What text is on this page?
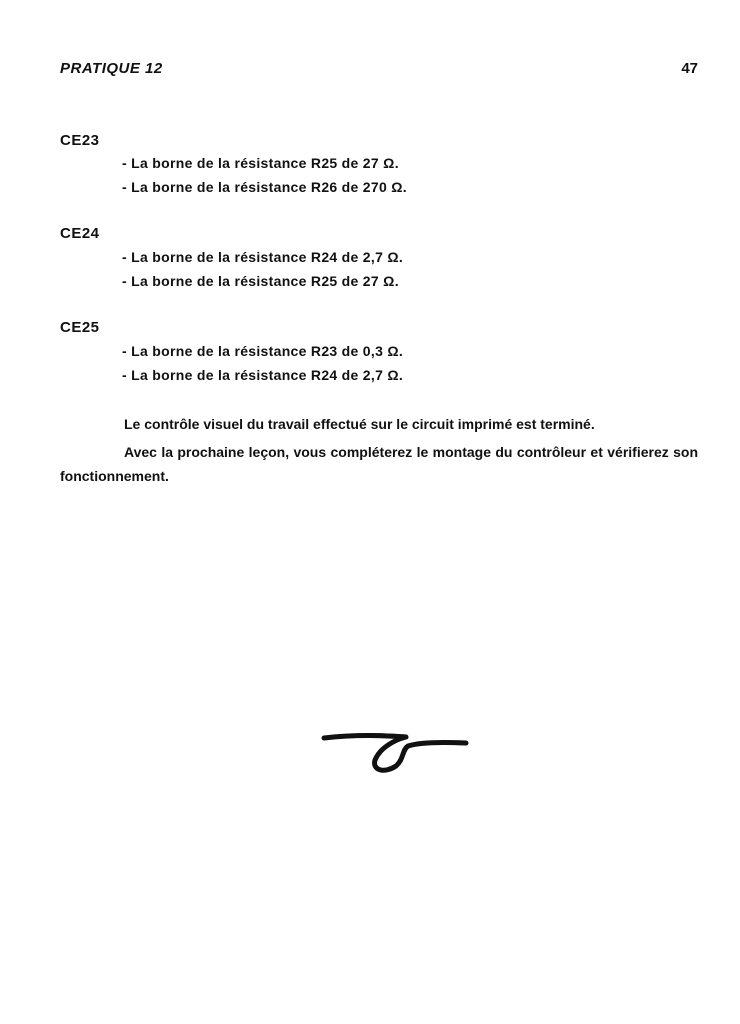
PRATIQUE 12	47
CE23
- La borne de la résistance R25 de 27 Ω.
- La borne de la résistance R26 de 270 Ω.
CE24
- La borne de la résistance R24 de 2,7 Ω.
- La borne de la résistance R25 de 27 Ω.
CE25
- La borne de la résistance R23 de 0,3 Ω.
- La borne de la résistance R24 de 2,7 Ω.
Le contrôle visuel du travail effectué sur le circuit imprimé est terminé.
Avec la prochaine leçon, vous compléterez le montage du contrôleur et vérifierez son fonctionnement.
